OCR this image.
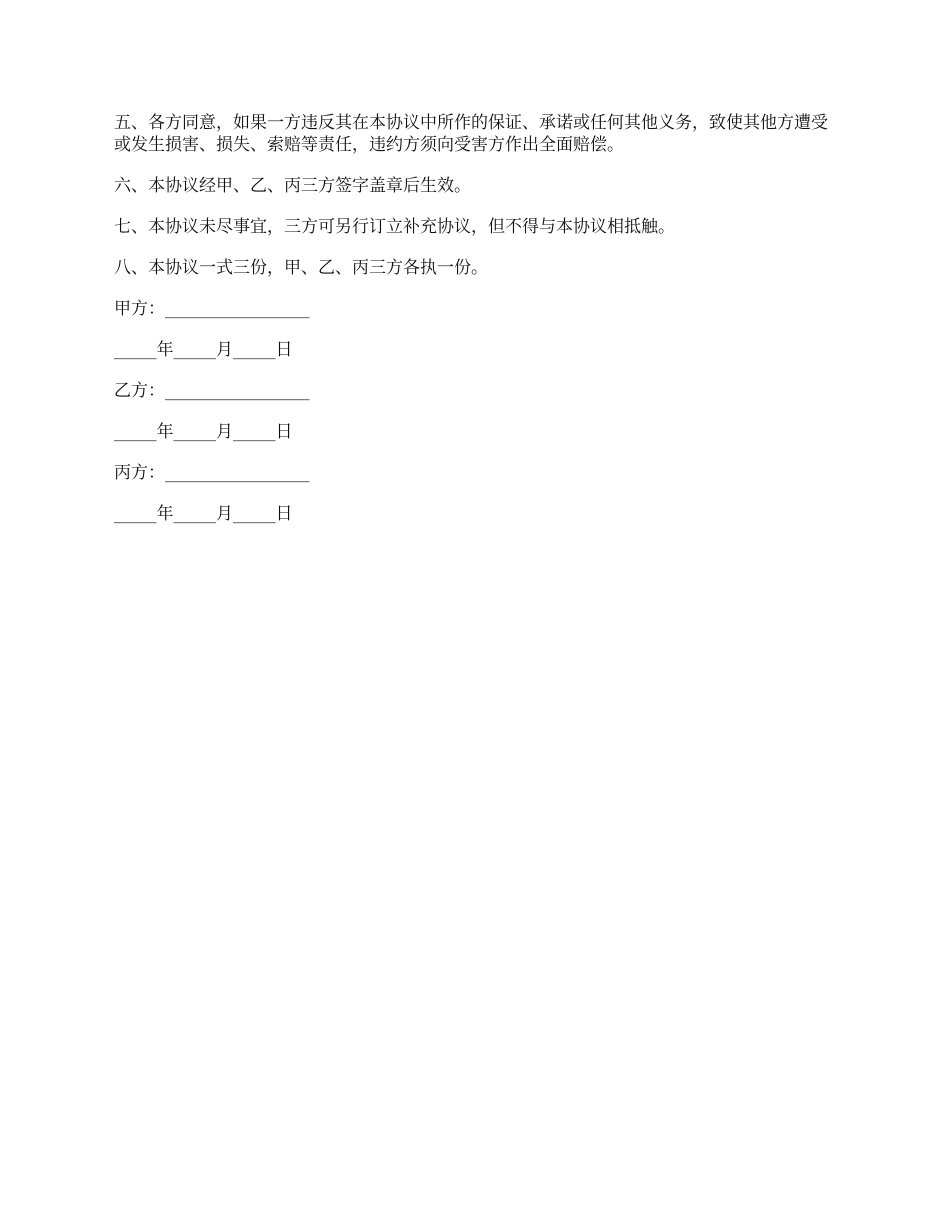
五、各方同意，如果一方违反其在本协议中所作的保证、承诺或任何其他义务，致使其他方遭受或发生损害、损失、索赔等责任，违约方须向受害方作出全面赔偿。

六、本协议经甲、乙、丙三方签字盖章后生效。

七、本协议未尽事宜，三方可另行订立补充协议，但不得与本协议相抵触。

八、本协议一式三份，甲、乙、丙三方各执一份。

甲方：_________________

_____年_____月_____日

乙方：_________________

_____年_____月_____日

丙方：_________________

_____年_____月_____日
